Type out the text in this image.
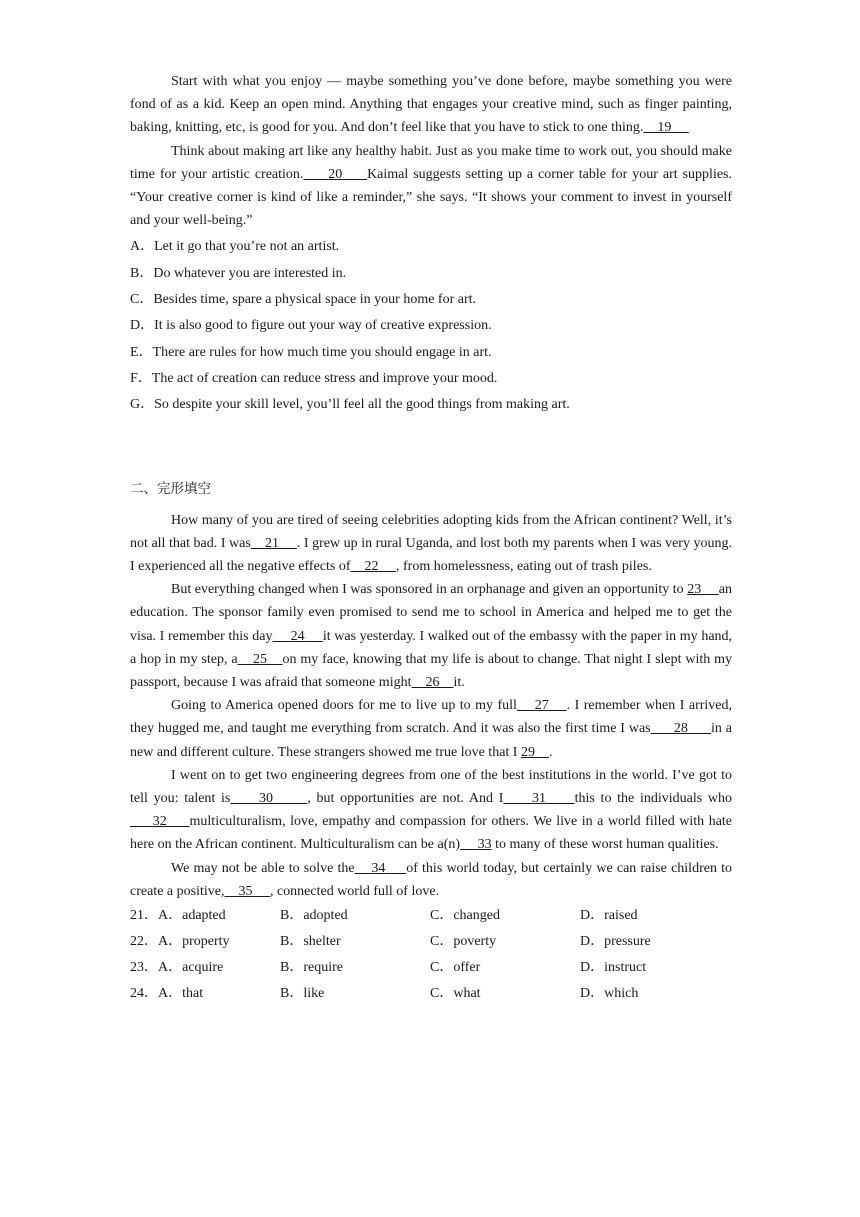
Start with what you enjoy — maybe something you’ve done before, maybe something you were fond of as a kid. Keep an open mind. Anything that engages your creative mind, such as finger painting, baking, knitting, etc, is good for you. And don’t feel like that you have to stick to one thing. 19

Think about making art like any healthy habit. Just as you make time to work out, you should make time for your artistic creation. 20 Kaimal suggests setting up a corner table for your art supplies. “Your creative corner is kind of like a reminder,” she says. “It shows your comment to invest in yourself and your well-being.”

A．Let it go that you’re not an artist.

B．Do whatever you are interested in.

C．Besides time, spare a physical space in your home for art.

D．It is also good to figure out your way of creative expression.

E．There are rules for how much time you should engage in art.

F．The act of creation can reduce stress and improve your mood.

G．So despite your skill level, you’ll feel all the good things from making art.

二、完形填空

How many of you are tired of seeing celebrities adopting kids from the African continent? Well, it’s not all that bad. I was 21 . I grew up in rural Uganda, and lost both my parents when I was very young. I experienced all the negative effects of 22 , from homelessness, eating out of trash piles.

But everything changed when I was sponsored in an orphanage and given an opportunity to 23 an education. The sponsor family even promised to send me to school in America and helped me to get the visa. I remember this day 24 it was yesterday. I walked out of the embassy with the paper in my hand, a hop in my step, a 25 on my face, knowing that my life is about to change. That night I slept with my passport, because I was afraid that someone might 26 it.

Going to America opened doors for me to live up to my full 27 . I remember when I arrived, they hugged me, and taught me everything from scratch. And it was also the first time I was 28 in a new and different culture. These strangers showed me true love that I 29 .

I went on to get two engineering degrees from one of the best institutions in the world. I’ve got to tell you: talent is 30 , but opportunities are not. And I 31 this to the individuals who     32 multiculturalism, love, empathy and compassion for others. We live in a world filled with hate here on the African continent. Multiculturalism can be a(n) 33 to many of these worst human qualities.

We may not be able to solve the 34 of this world today, but certainly we can raise children to create a positive, 35 , connected world full of love.

21．A．adapted	B．adopted	C．changed	D．raised
22．A．property	B．shelter	C．poverty	D．pressure
23．A．acquire	B．require	C．offer	D．instruct
24．A．that	B．like	C．what	D．which
